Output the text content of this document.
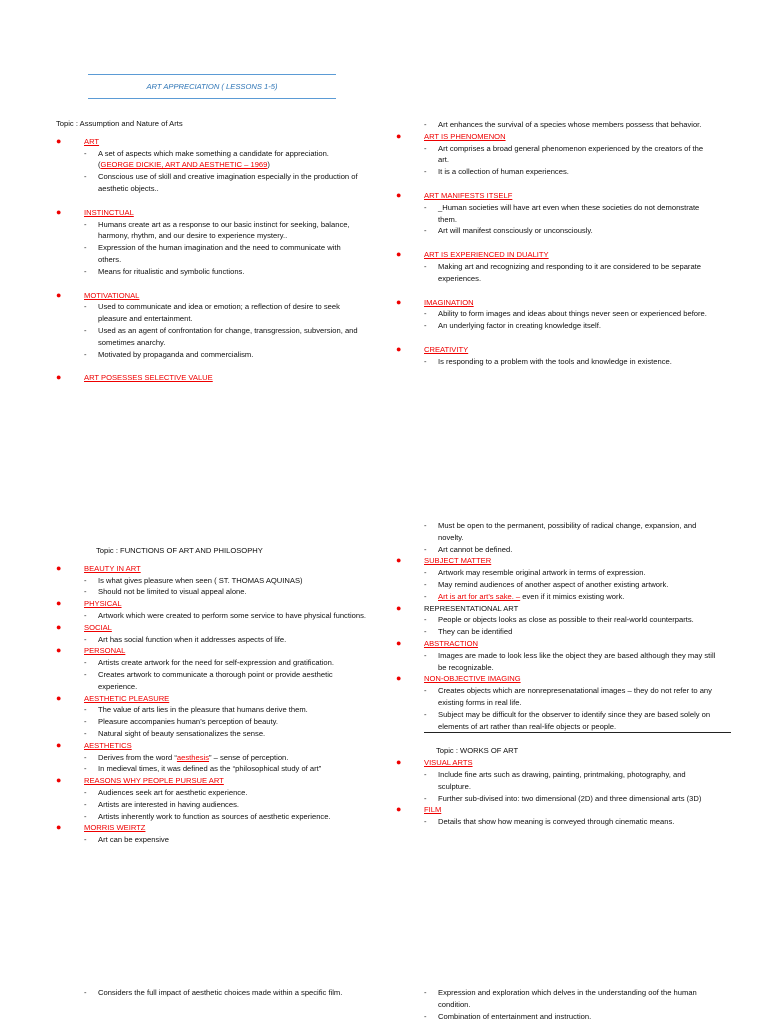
ART APPRECIATION ( LESSONS 1-5)
Topic : Assumption and Nature of Arts
●	ART
- A set of aspects which make something a candidate for appreciation.
(GEORGE DICKIE, ART AND AESTHETIC – 1969)
- Conscious use of skill and creative imagination especially in the production of aesthetic objects..
●	INSTINCTUAL
- Humans create art as a response to our basic instinct for seeking, balance, harmony, rhythm, and our desire to experience mystery..
- Expression of the human imagination and the need to communicate with others.
- Means for ritualistic and symbolic functions.
●	MOTIVATIONAL
- Used to communicate and idea or emotion; a reflection of desire to seek pleasure and entertainment.
- Used as an agent of confrontation for change, transgression, subversion, and sometimes anarchy.
- Motivated by propaganda and commercialism.
●	ART POSESSES SELECTIVE VALUE
- Art enhances the survival of a species whose members possess that behavior.
●	ART IS PHENOMENON
- Art comprises a broad general phenomenon experienced by the creators of the art.
- It is a collection of human experiences.
●	ART MANIFESTS ITSELF
- _Human societies will have art even when these societies do not demonstrate them.
- Art will manifest consciously or unconsciously.
●	ART IS EXPERIENCED IN DUALITY
- Making art and recognizing and responding to it are considered to be separate experiences.
●	IMAGINATION
- Ability to form images and ideas about things never seen or experienced before.
- An underlying factor in creating knowledge itself.
●	CREATIVITY
- Is responding to a problem with the tools and knowledge in existence.
Topic : FUNCTIONS OF ART AND PHILOSOPHY
●	BEAUTY IN ART
- Is what gives pleasure when seen ( ST. THOMAS AQUINAS)
- Should not be limited to visual appeal alone.
●	PHYSICAL
- Artwork which were created to perform some service to have physical functions.
●	SOCIAL
- Art has social function when it addresses aspects of life.
●	PERSONAL
- Artists create artwork for the need for self-expression and gratification.
- Creates artwork to communicate a thorough point or provide aesthetic experience.
●	AESTHETIC PLEASURE
- The value of arts lies in the pleasure that humans derive them.
- Pleasure accompanies human’s perception of beauty.
- Natural sight of beauty sensationalizes the sense.
●	AESTHETICS
- Derives from the word “aesthesis” – sense of perception.
- In medieval times, it was defined as the “philosophical study of art”
●	REASONS WHY PEOPLE PURSUE ART
- Audiences seek art for aesthetic experience.
- Artists are interested in having audiences.
- Artists inherently work to function as sources of aesthetic experience.
●	MORRIS WEIRTZ
- Art can be expensive
- Must be open to the permanent, possibility of radical change, expansion, and novelty.
- Art cannot be defined.
●	SUBJECT MATTER
- Artwork may resemble original artwork in terms of expression.
- May remind audiences of another aspect of another existing artwork.
- Art is art for art’s sake. – even if it mimics existing work.
●	REPRESENTATIONAL ART
- People or objects looks as close as possible to their real-world counterparts.
- They can be identified
●	ABSTRACTION
- Images are made to look less like the object they are based although they may still be recognizable.
●	NON-OBJECTIVE IMAGING
- Creates objects which are nonrepresenatational images – they do not refer to any existing forms in real life.
- Subject may be difficult for the observer to identify since they are based solely on elements of art rather than real-life objects or people.
Topic : WORKS OF ART
●	VISUAL ARTS
- Include fine arts such as drawing, painting, printmaking, photography, and sculpture.
- Further sub-divised into: two dimensional (2D) and three dimensional arts (3D)
●	FILM
- Details that show how meaning is conveyed through cinematic means.
- Considers the full impact of aesthetic choices made within a specific film.	- Expression and exploration which delves in the understanding oof the human condition.
- Combination of entertainment and instruction.
